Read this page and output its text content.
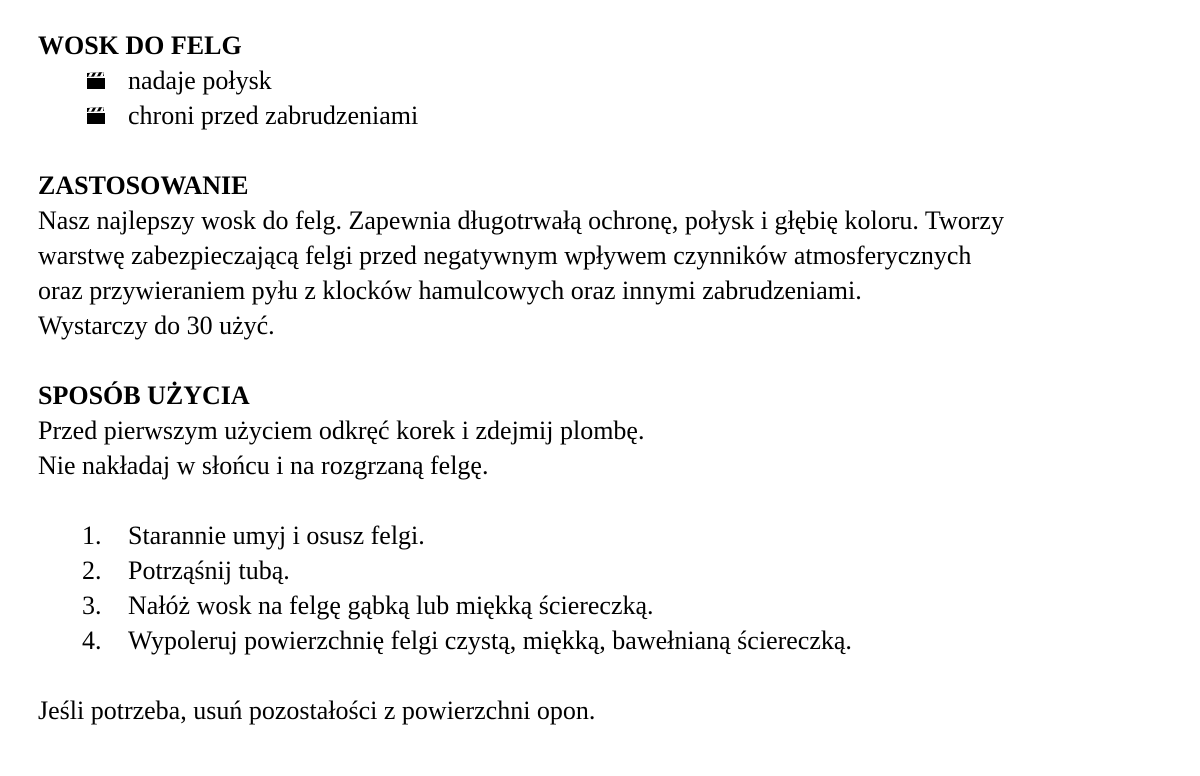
WOSK DO FELG

nadaje połysk
chroni przed zabrudzeniami

ZASTOSOWANIE

Nasz najlepszy wosk do felg. Zapewnia długotrwałą ochronę, połysk i głębię koloru. Tworzy

warstwę zabezpieczającą felgi przed negatywnym wpływem czynników atmosferycznych

oraz przywieraniem pyłu z klocków hamulcowych oraz innymi zabrudzeniami.

Wystarczy do 30 użyć.

SPOSÓB UŻYCIA

Przed pierwszym użyciem odkręć korek i zdejmij plombę.

Nie nakładaj w słońcu i na rozgrzaną felgę.

1.	Starannie umyj i osusz felgi.
2.	Potrząśnij tubą.
3.	Nałóż wosk na felgę gąbką lub miękką ściereczką.
4.	Wypoleruj powierzchnię felgi czystą, miękką, bawełnianą ściereczką.

Jeśli potrzeba, usuń pozostałości z powierzchni opon.
